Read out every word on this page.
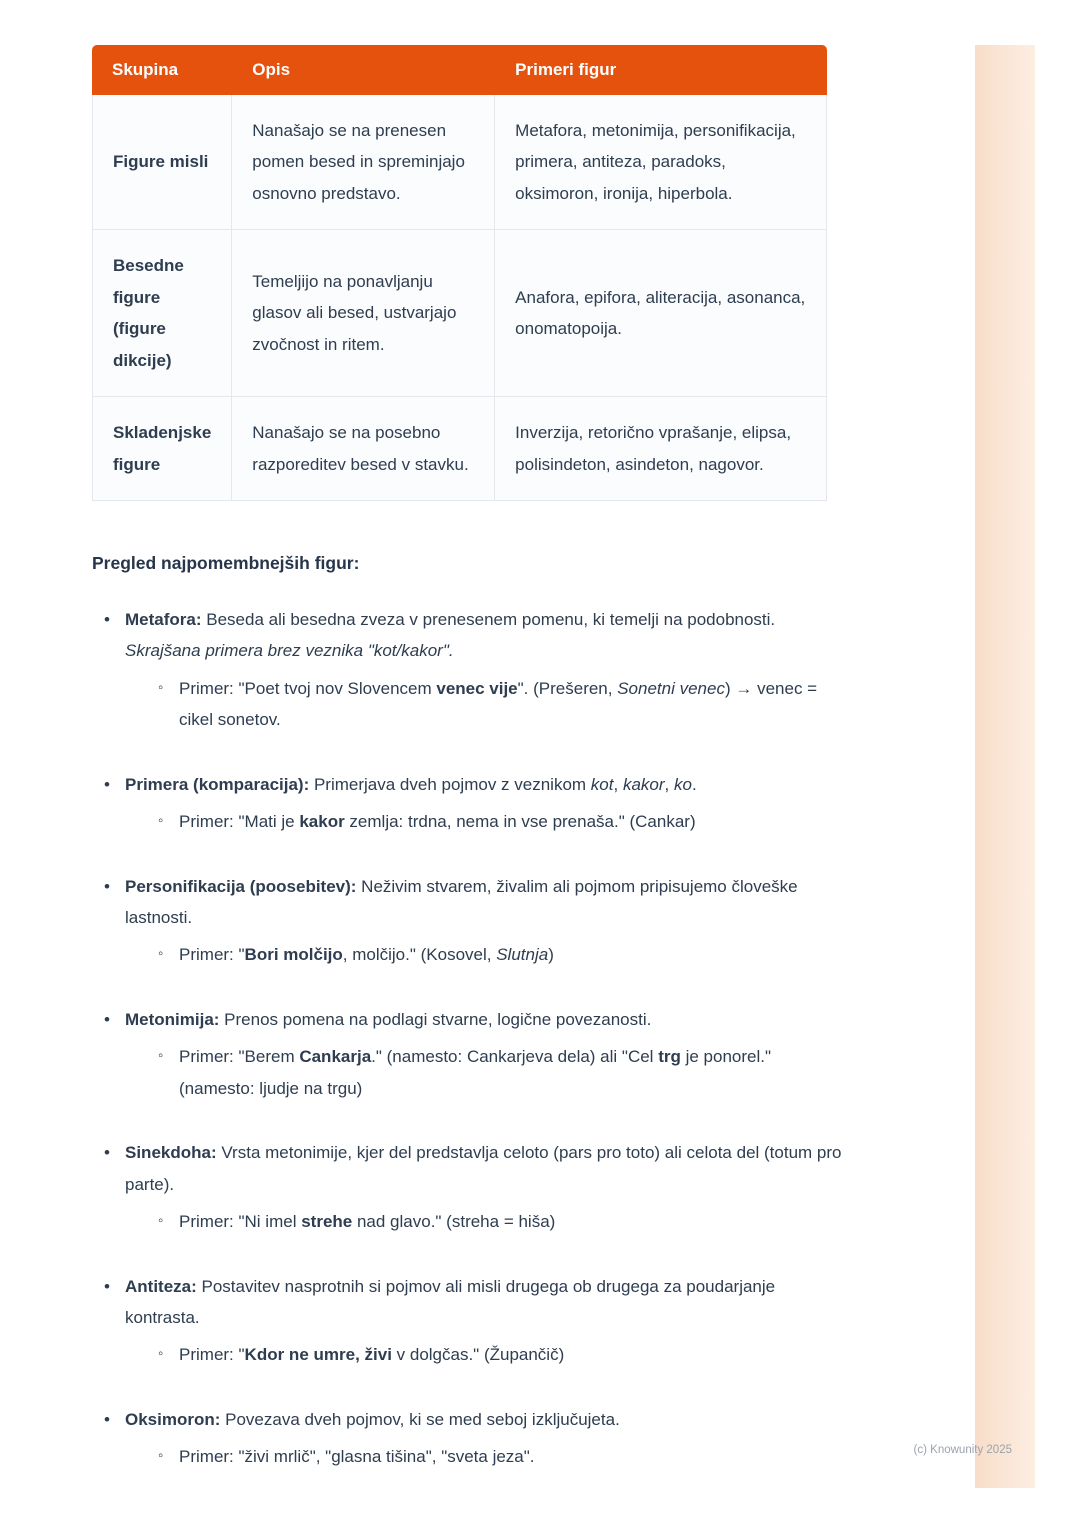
Skupina	Opis	Primeri figur
Figure misli	Nanašajo se na prenesen pomen besed in spreminjajo osnovno predstavo.	Metafora, metonimija, personifikacija, primera, antiteza, paradoks, oksimoron, ironija, hiperbola.
Besedne figure (figure dikcije)	Temeljijo na ponavljanju glasov ali besed, ustvarjajo zvočnost in ritem.	Anafora, epifora, aliteracija, asonanca, onomatopoija.
Skladenjske figure	Nanašajo se na posebno razporeditev besed v stavku.	Inverzija, retorično vprašanje, elipsa, polisindeton, asindeton, nagovor.
Pregled najpomembnejših figur:
• Metafora: Beseda ali besedna zveza v prenesenem pomenu, ki temelji na podobnosti. Skrajšana primera brez veznika "kot/kakor".
◦ Primer: "Poet tvoj nov Slovencem venec vije". (Prešeren, Sonetni venec) → venec = cikel sonetov.
• Primera (komparacija): Primerjava dveh pojmov z veznikom kot, kakor, ko.
◦ Primer: "Mati je kakor zemlja: trdna, nema in vse prenaša." (Cankar)
• Personifikacija (poosebitev): Neživim stvarem, živalim ali pojmom pripisujemo človeške lastnosti.
◦ Primer: "Bori molčijo, molčijo." (Kosovel, Slutnja)
• Metonimija: Prenos pomena na podlagi stvarne, logične povezanosti.
◦ Primer: "Berem Cankarja." (namesto: Cankarjeva dela) ali "Cel trg je ponorel." (namesto: ljudje na trgu)
• Sinekdoha: Vrsta metonimije, kjer del predstavlja celoto (pars pro toto) ali celota del (totum pro parte).
◦ Primer: "Ni imel strehe nad glavo." (streha = hiša)
• Antiteza: Postavitev nasprotnih si pojmov ali misli drugega ob drugega za poudarjanje kontrasta.
◦ Primer: "Kdor ne umre, živi v dolgčas." (Župančič)
• Oksimoron: Povezava dveh pojmov, ki se med seboj izključujeta.
◦ Primer: "živi mrlič", "glasna tišina", "sveta jeza".	(c) Knowunity 2025
